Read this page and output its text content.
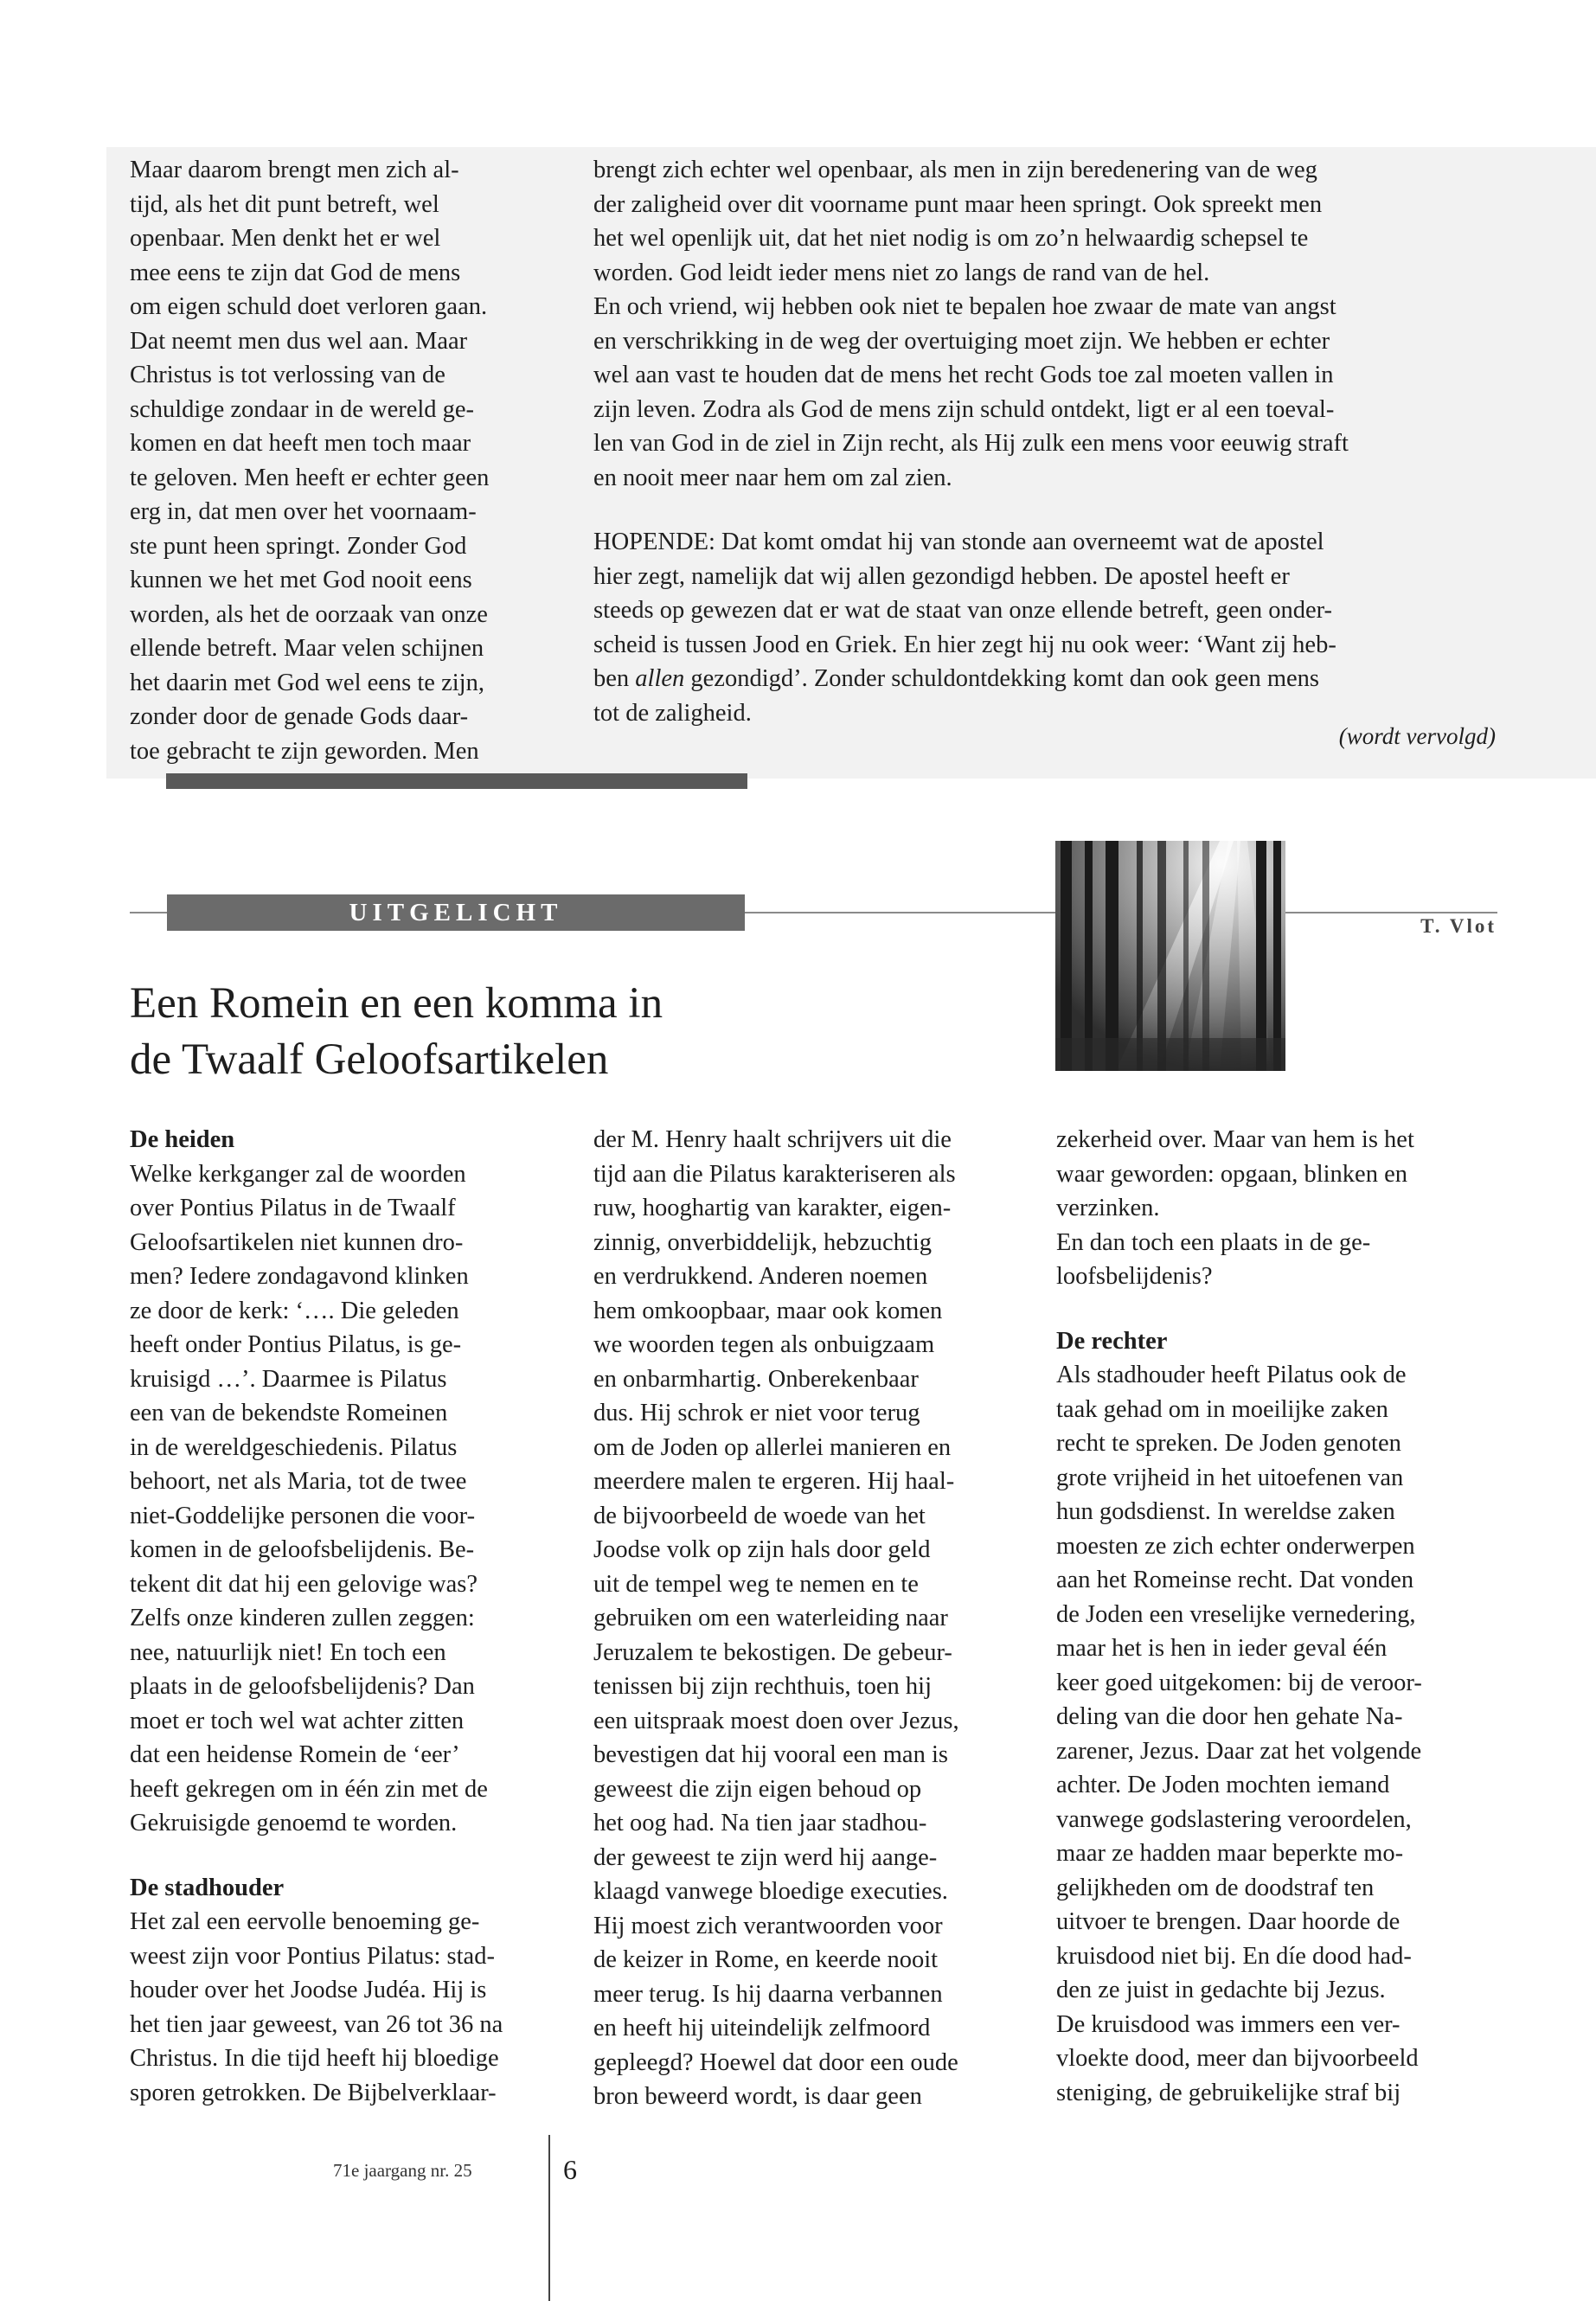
Maar daarom brengt men zich al-
tijd, als het dit punt betreft, wel
openbaar. Men denkt het er wel
mee eens te zijn dat God de mens
om eigen schuld doet verloren gaan.
Dat neemt men dus wel aan. Maar
Christus is tot verlossing van de
schuldige zondaar in de wereld ge-
komen en dat heeft men toch maar
te geloven. Men heeft er echter geen
erg in, dat men over het voornaam-
ste punt heen springt. Zonder God
kunnen we het met God nooit eens
worden, als het de oorzaak van onze
ellende betreft. Maar velen schijnen
het daarin met God wel eens te zijn,
zonder door de genade Gods daar-
toe gebracht te zijn geworden. Men

brengt zich echter wel openbaar, als men in zijn beredenering van de weg
der zaligheid over dit voorname punt maar heen springt. Ook spreekt men
het wel openlijk uit, dat het niet nodig is om zo’n helwaardig schepsel te
worden. God leidt ieder mens niet zo langs de rand van de hel.

En och vriend, wij hebben ook niet te bepalen hoe zwaar de mate van angst
en verschrikking in de weg der overtuiging moet zijn. We hebben er echter
wel aan vast te houden dat de mens het recht Gods toe zal moeten vallen in
zijn leven. Zodra als God de mens zijn schuld ontdekt, ligt er al een toeval-
len van God in de ziel in Zijn recht, als Hij zulk een mens voor eeuwig straft
en nooit meer naar hem om zal zien.

HOPENDE: Dat komt omdat hij van stonde aan overneemt wat de apostel
hier zegt, namelijk dat wij allen gezondigd hebben. De apostel heeft er
steeds op gewezen dat er wat de staat van onze ellende betreft, geen onder-
scheid is tussen Jood en Griek. En hier zegt hij nu ook weer: ‘Want zij heb-

ben allen gezondigd’. Zonder schuldontdekking komt dan ook geen mens
tot de zaligheid.
(wordt vervolgd)
UITGELICHT	T. Vlot
Een Romein en een komma in
de Twaalf Geloofsartikelen
De heiden

Welke kerkganger zal de woorden
over Pontius Pilatus in de Twaalf
Geloofsartikelen niet kunnen dro-
men? Iedere zondagavond klinken
ze door de kerk: ‘…. Die geleden
heeft onder Pontius Pilatus, is ge-
kruisigd …’. Daarmee is Pilatus
een van de bekendste Romeinen
in de wereldgeschiedenis. Pilatus
behoort, net als Maria, tot de twee
niet-Goddelijke personen die voor-
komen in de geloofsbelijdenis. Be-
tekent dit dat hij een gelovige was?
Zelfs onze kinderen zullen zeggen:
nee, natuurlijk niet! En toch een
plaats in de geloofsbelijdenis? Dan
moet er toch wel wat achter zitten
dat een heidense Romein de ‘eer’
heeft gekregen om in één zin met de
Gekruisigde genoemd te worden.

De stadhouder

Het zal een eervolle benoeming ge-
weest zijn voor Pontius Pilatus: stad-
houder over het Joodse Judéa. Hij is
het tien jaar geweest, van 26 tot 36 na
Christus. In die tijd heeft hij bloedige
sporen getrokken. De Bijbelverklaar-

der M. Henry haalt schrijvers uit die
tijd aan die Pilatus karakteriseren als
ruw, hooghartig van karakter, eigen-
zinnig, onverbiddelijk, hebzuchtig
en verdrukkend. Anderen noemen
hem omkoopbaar, maar ook komen
we woorden tegen als onbuigzaam
en onbarmhartig. Onberekenbaar
dus. Hij schrok er niet voor terug
om de Joden op allerlei manieren en
meerdere malen te ergeren. Hij haal-
de bijvoorbeeld de woede van het
Joodse volk op zijn hals door geld
uit de tempel weg te nemen en te
gebruiken om een waterleiding naar
Jeruzalem te bekostigen. De gebeur-
tenissen bij zijn rechthuis, toen hij
een uitspraak moest doen over Jezus,
bevestigen dat hij vooral een man is
geweest die zijn eigen behoud op
het oog had. Na tien jaar stadhou-
der geweest te zijn werd hij aange-
klaagd vanwege bloedige executies.
Hij moest zich verantwoorden voor
de keizer in Rome, en keerde nooit
meer terug. Is hij daarna verbannen
en heeft hij uiteindelijk zelfmoord
gepleegd? Hoewel dat door een oude
bron beweerd wordt, is daar geen

zekerheid over. Maar van hem is het
waar geworden: opgaan, blinken en
verzinken.
En dan toch een plaats in de ge-
loofsbelijdenis?

De rechter

Als stadhouder heeft Pilatus ook de
taak gehad om in moeilijke zaken
recht te spreken. De Joden genoten
grote vrijheid in het uitoefenen van
hun godsdienst. In wereldse zaken
moesten ze zich echter onderwerpen
aan het Romeinse recht. Dat vonden
de Joden een vreselijke vernedering,
maar het is hen in ieder geval één
keer goed uitgekomen: bij de veroor-
deling van die door hen gehate Na-
zarener, Jezus. Daar zat het volgende
achter. De Joden mochten iemand
vanwege godslastering veroordelen,
maar ze hadden maar beperkte mo-
gelijkheden om de doodstraf ten
uitvoer te brengen. Daar hoorde de
kruisdood niet bij. En díe dood had-
den ze juist in gedachte bij Jezus.
De kruisdood was immers een ver-
vloekte dood, meer dan bijvoorbeeld
steniging, de gebruikelijke straf bij

71e jaargang nr. 25	6
